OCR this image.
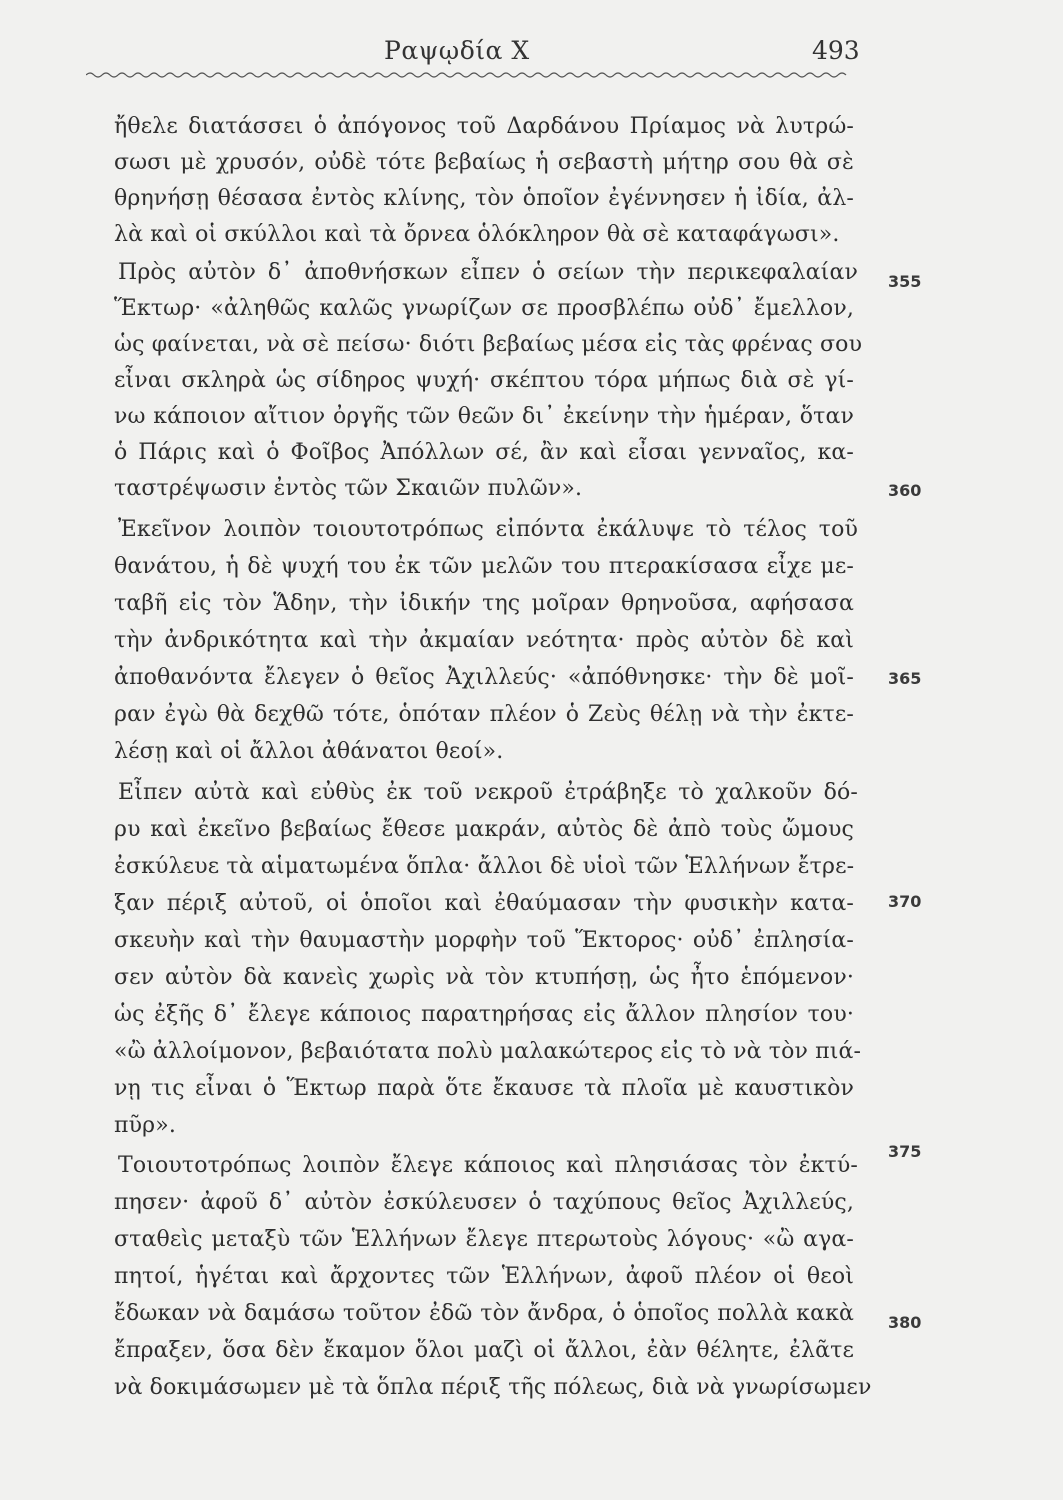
Ραψῳδία Χ	493
ἤθελε διατάσσει ὁ ἀπόγονος τοῦ Δαρδάνου Πρίαμος νὰ λυτρώ-
σωσι μὲ χρυσόν, οὐδὲ τότε βεβαίως ἡ σεβαστὴ μήτηρ σου θὰ σὲ
θρηνήσῃ θέσασα ἐντὸς κλίνης, τὸν ὁποῖον ἐγέννησεν ἡ ἰδία, ἀλ-
λὰ καὶ οἱ σκύλλοι καὶ τὰ ὄρνεα ὁλόκληρον θὰ σὲ καταφάγωσι».
Πρὸς αὐτὸν δ᾽ ἀποθνήσκων εἶπεν ὁ σείων τὴν περικεφαλαίαν
Ἕκτωρ· «ἀληθῶς καλῶς γνωρίζων σε προσβλέπω οὐδ᾽ ἔμελλον,
ὡς φαίνεται, νὰ σὲ πείσω· διότι βεβαίως μέσα εἰς τὰς φρένας σου
εἶναι σκληρὰ ὡς σίδηρος ψυχή· σκέπτου τόρα μήπως διὰ σὲ γί-
νω κάποιον αἴτιον ὀργῆς τῶν θεῶν δι᾽ ἐκείνην τὴν ἡμέραν, ὅταν
ὁ Πάρις καὶ ὁ Φοῖβος Ἀπόλλων σέ, ἂν καὶ εἶσαι γενναῖος, κα-
ταστρέψωσιν ἐντὸς τῶν Σκαιῶν πυλῶν».
Ἐκεῖνον λοιπὸν τοιουτοτρόπως εἰπόντα ἐκάλυψε τὸ τέλος τοῦ
θανάτου, ἡ δὲ ψυχή του ἐκ τῶν μελῶν του πτερακίσασα εἶχε με-
ταβῆ εἰς τὸν Ἅδην, τὴν ἰδικήν της μοῖραν θρηνοῦσα, αφήσασα
τὴν ἀνδρικότητα καὶ τὴν ἀκμαίαν νεότητα· πρὸς αὐτὸν δὲ καὶ
ἀποθανόντα ἔλεγεν ὁ θεῖος Ἀχιλλεύς· «ἀπόθνησκε· τὴν δὲ μοῖ-
ραν ἐγὼ θὰ δεχθῶ τότε, ὁπόταν πλέον ὁ Ζεὺς θέλῃ νὰ τὴν ἐκτε-
λέσῃ καὶ οἱ ἄλλοι ἀθάνατοι θεοί».
Εἶπεν αὐτὰ καὶ εὐθὺς ἐκ τοῦ νεκροῦ ἐτράβηξε τὸ χαλκοῦν δό-
ρυ καὶ ἐκεῖνο βεβαίως ἔθεσε μακράν, αὐτὸς δὲ ἀπὸ τοὺς ὤμους
ἐσκύλευε τὰ αἱματωμένα ὅπλα· ἄλλοι δὲ υἱοὶ τῶν Ἑλλήνων ἔτρε-
ξαν πέριξ αὐτοῦ, οἱ ὁποῖοι καὶ ἐθαύμασαν τὴν φυσικὴν κατα-
σκευὴν καὶ τὴν θαυμαστὴν μορφὴν τοῦ Ἕκτορος· οὐδ᾽ ἐπλησία-
σεν αὐτὸν δὰ κανεὶς χωρὶς νὰ τὸν κτυπήσῃ, ὡς ἦτο ἑπόμενον·
ὡς ἐξῆς δ᾽ ἔλεγε κάποιος παρατηρήσας εἰς ἄλλον πλησίον του·
«ὢ ἀλλοίμονον, βεβαιότατα πολὺ μαλακώτερος εἰς τὸ νὰ τὸν πιά-
νῃ τις εἶναι ὁ Ἕκτωρ παρὰ ὅτε ἔκαυσε τὰ πλοῖα μὲ καυστικὸν
πῦρ».
Τοιουτοτρόπως λοιπὸν ἔλεγε κάποιος καὶ πλησιάσας τὸν ἐκτύ-
πησεν· ἀφοῦ δ᾽ αὐτὸν ἐσκύλευσεν ὁ ταχύπους θεῖος Ἀχιλλεύς,
σταθεὶς μεταξὺ τῶν Ἑλλήνων ἔλεγε πτερωτοὺς λόγους· «ὢ αγα-
πητοί, ἡγέται καὶ ἄρχοντες τῶν Ἑλλήνων, ἀφοῦ πλέον οἱ θεοὶ
ἔδωκαν νὰ δαμάσω τοῦτον ἐδῶ τὸν ἄνδρα, ὁ ὁποῖος πολλὰ κακὰ
ἔπραξεν, ὅσα δὲν ἔκαμον ὅλοι μαζὶ οἱ ἄλλοι, ἐὰν θέλητε, ἐλᾶτε
νὰ δοκιμάσωμεν μὲ τὰ ὅπλα πέριξ τῆς πόλεως, διὰ νὰ γνωρίσωμεν
355
360
365
370
375
380
